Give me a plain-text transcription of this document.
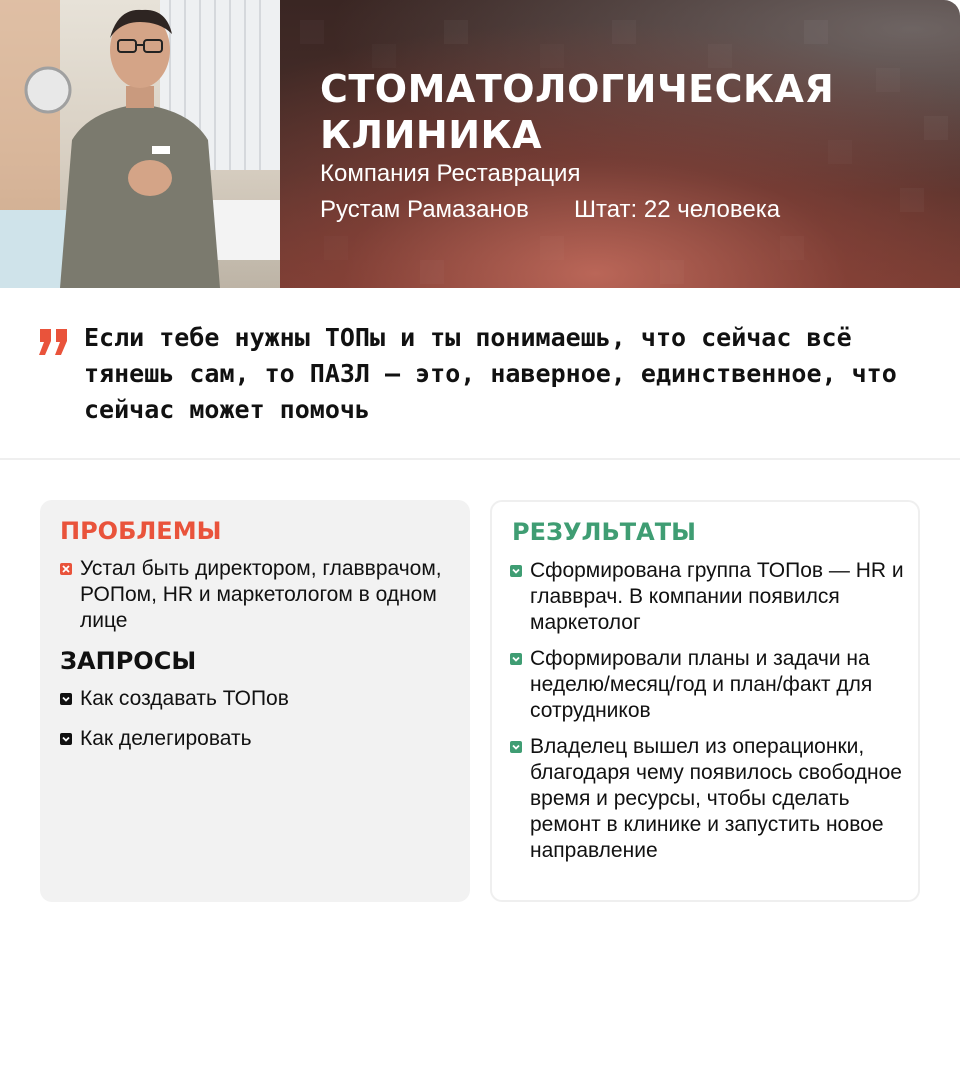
СТОМАТОЛОГИЧЕСКАЯ КЛИНИКА
Компания Реставрация
Рустам Рамазанов Штат: 22 человека
Если тебе нужны ТОПы и ты понимаешь, что сейчас всё тянешь сам, то ПАЗЛ — это, наверное, единственное, что сейчас может помочь
ПРОБЛЕМЫ
Устал быть директором, главврачом, РОПом, HR и маркетологом в одном лице
ЗАПРОСЫ
Как создавать ТОПов
Как делегировать
РЕЗУЛЬТАТЫ
Сформирована группа ТОПов — HR и главврач. В компании появился маркетолог
Сформировали планы и задачи на неделю/месяц/год и план/факт для сотрудников
Владелец вышел из операционки, благодаря чему появилось свободное время и ресурсы, чтобы сделать ремонт в клинике и запустить новое направление
